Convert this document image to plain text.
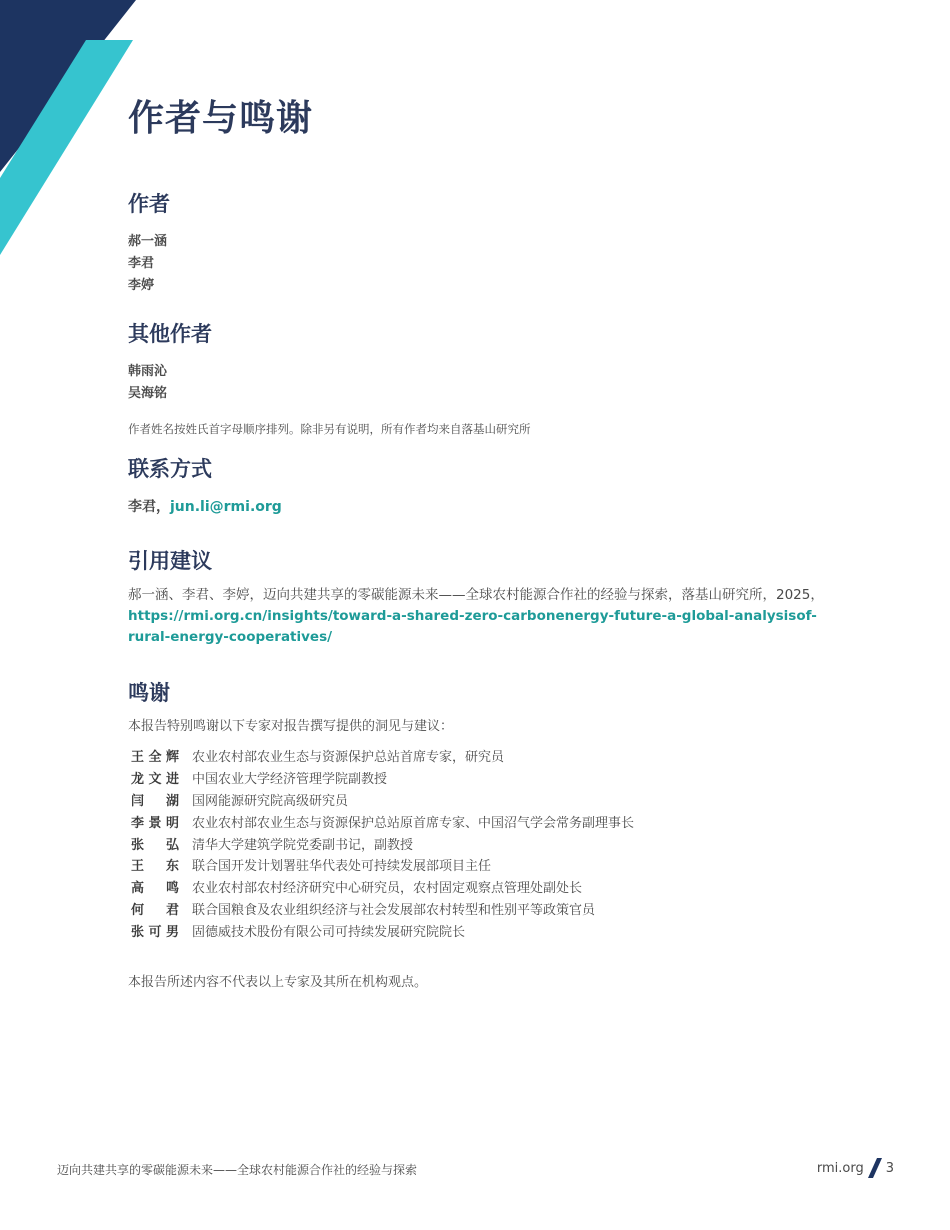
作者与鸣谢
作者
郝一涵
李君
李婷
其他作者
韩雨沁
吴海铭
作者姓名按姓氏首字母顺序排列。除非另有说明，所有作者均来自落基山研究所
联系方式
李君，jun.li@rmi.org
引用建议
郝一涵、李君、李婷，迈向共建共享的零碳能源未来——全球农村能源合作社的经验与探索，落基山研究所，2025，
https://rmi.org.cn/insights/toward-a-shared-zero-carbonenergy-future-a-global-analysisof-rural-energy-cooperatives/
鸣谢
本报告特别鸣谢以下专家对报告撰写提供的洞见与建议：
王全辉 农业农村部农业生态与资源保护总站首席专家，研究员
龙文进 中国农业大学经济管理学院副教授
闫湖 国网能源研究院高级研究员
李景明 农业农村部农业生态与资源保护总站原首席专家、中国沼气学会常务副理事长
张弘 清华大学建筑学院党委副书记，副教授
王东 联合国开发计划署驻华代表处可持续发展部项目主任
高鸣 农业农村部农村经济研究中心研究员，农村固定观察点管理处副处长
何君 联合国粮食及农业组织经济与社会发展部农村转型和性别平等政策官员
张可男 固德威技术股份有限公司可持续发展研究院院长
本报告所述内容不代表以上专家及其所在机构观点。
迈向共建共享的零碳能源未来——全球农村能源合作社的经验与探索	rmi.org 3
